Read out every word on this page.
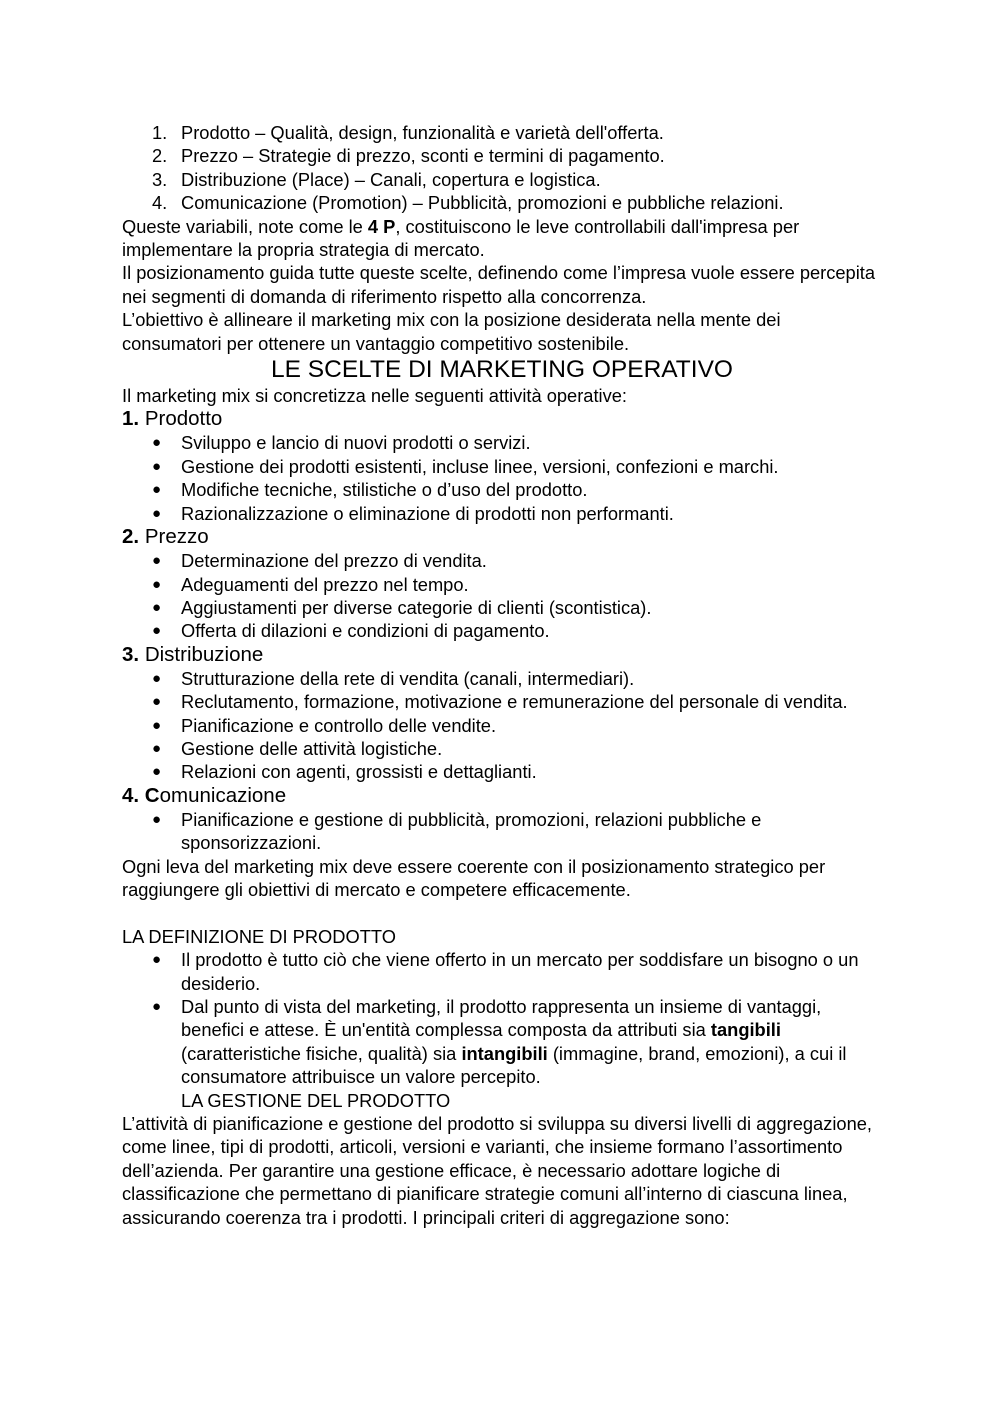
1. Prodotto – Qualità, design, funzionalità e varietà dell'offerta.
2. Prezzo – Strategie di prezzo, sconti e termini di pagamento.
3. Distribuzione (Place) – Canali, copertura e logistica.
4. Comunicazione (Promotion) – Pubblicità, promozioni e pubbliche relazioni.

Queste variabili, note come le 4 P, costituiscono le leve controllabili dall'impresa per implementare la propria strategia di mercato.

Il posizionamento guida tutte queste scelte, definendo come l’impresa vuole essere percepita nei segmenti di domanda di riferimento rispetto alla concorrenza.

L’obiettivo è allineare il marketing mix con la posizione desiderata nella mente dei consumatori per ottenere un vantaggio competitivo sostenibile.

LE SCELTE DI MARKETING OPERATIVO

Il marketing mix si concretizza nelle seguenti attività operative:

1. Prodotto
● Sviluppo e lancio di nuovi prodotti o servizi.
● Gestione dei prodotti esistenti, incluse linee, versioni, confezioni e marchi.
● Modifiche tecniche, stilistiche o d’uso del prodotto.
● Razionalizzazione o eliminazione di prodotti non performanti.
2. Prezzo
● Determinazione del prezzo di vendita.
● Adeguamenti del prezzo nel tempo.
● Aggiustamenti per diverse categorie di clienti (scontistica).
● Offerta di dilazioni e condizioni di pagamento.
3. Distribuzione
● Strutturazione della rete di vendita (canali, intermediari).
● Reclutamento, formazione, motivazione e remunerazione del personale di vendita.
● Pianificazione e controllo delle vendite.
● Gestione delle attività logistiche.
● Relazioni con agenti, grossisti e dettaglianti.
4. Comunicazione
● Pianificazione e gestione di pubblicità, promozioni, relazioni pubbliche e sponsorizzazioni.

Ogni leva del marketing mix deve essere coerente con il posizionamento strategico per raggiungere gli obiettivi di mercato e competere efficacemente.

LA DEFINIZIONE DI PRODOTTO

● Il prodotto è tutto ciò che viene offerto in un mercato per soddisfare un bisogno o un desiderio.
● Dal punto di vista del marketing, il prodotto rappresenta un insieme di vantaggi, benefici e attese. È un'entità complessa composta da attributi sia tangibili (caratteristiche fisiche, qualità) sia intangibili (immagine, brand, emozioni), a cui il consumatore attribuisce un valore percepito.

LA GESTIONE DEL PRODOTTO

L’attività di pianificazione e gestione del prodotto si sviluppa su diversi livelli di aggregazione, come linee, tipi di prodotti, articoli, versioni e varianti, che insieme formano l’assortimento dell’azienda. Per garantire una gestione efficace, è necessario adottare logiche di classificazione che permettano di pianificare strategie comuni all’interno di ciascuna linea, assicurando coerenza tra i prodotti. I principali criteri di aggregazione sono:
